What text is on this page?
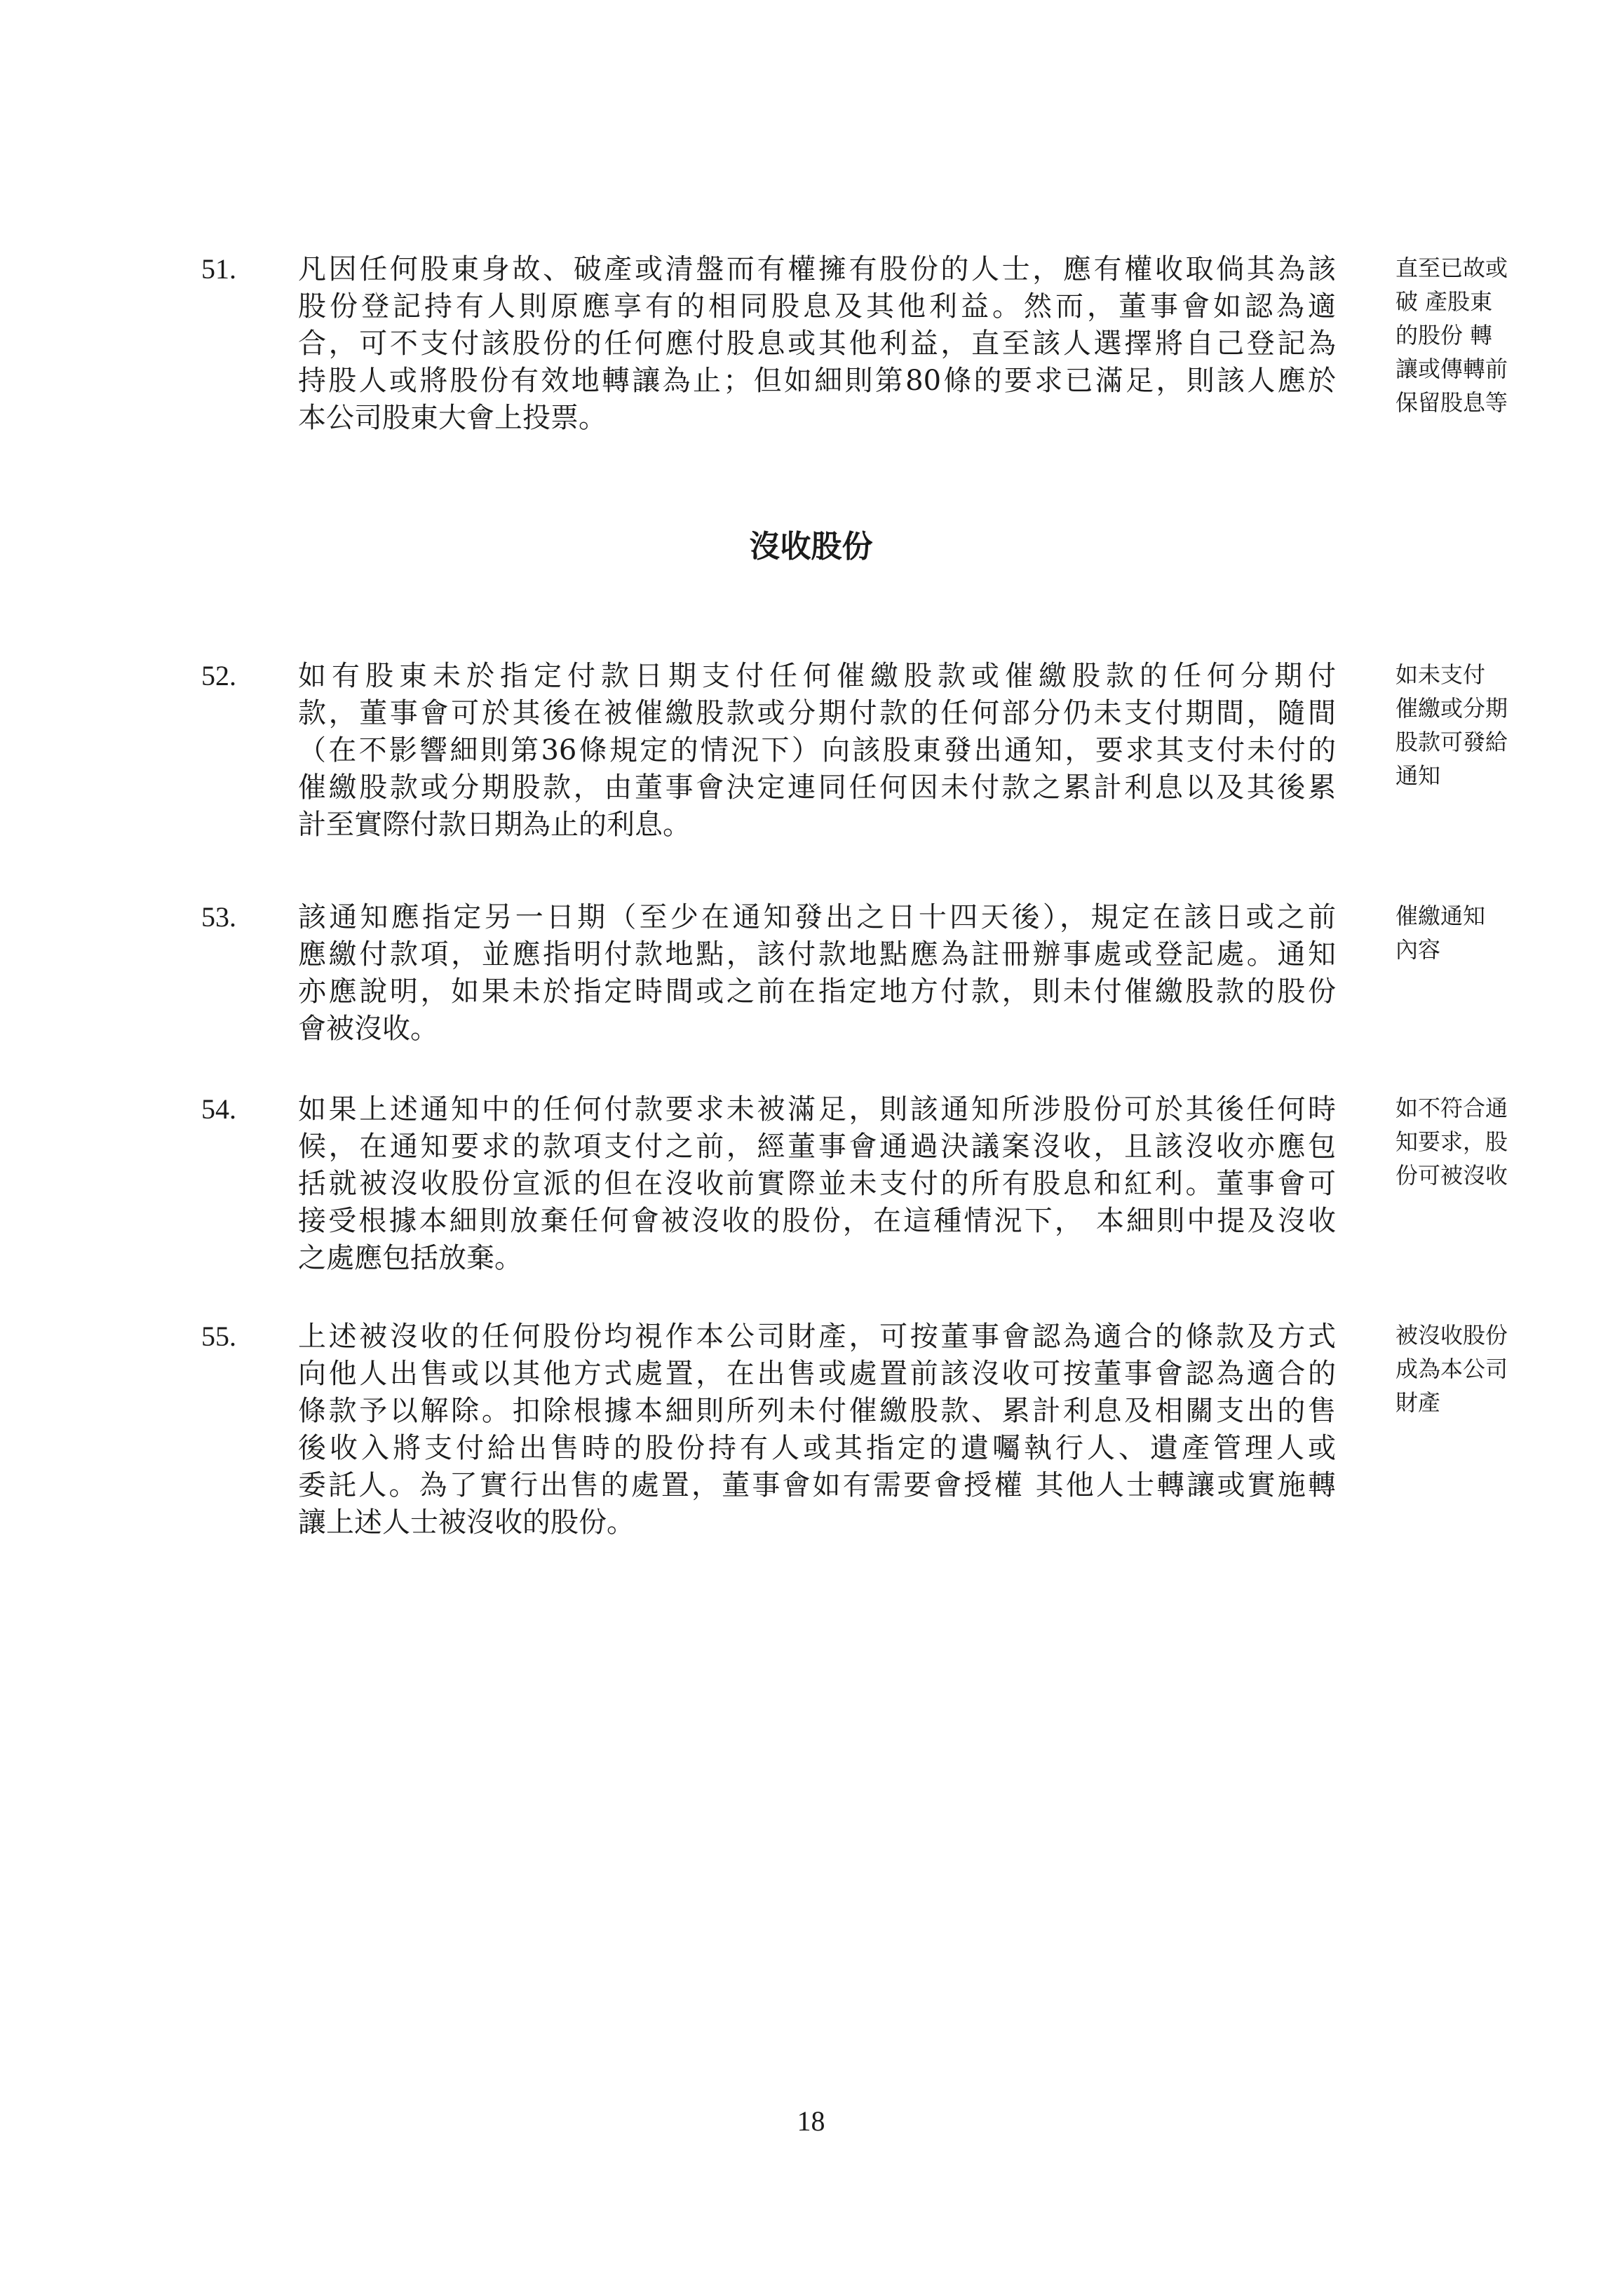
51.	凡因任何股東身故、破產或清盤而有權擁有股份的人士，應有權收取倘其為該
股份登記持有人則原應享有的相同股息及其他利益。然而，董事會如認為適
合，可不支付該股份的任何應付股息或其他利益，直至該人選擇將自己登記為
持股人或將股份有效地轉讓為止；但如細則第80條的要求已滿足，則該人應於
本公司股東大會上投票。
直至已故或
破 產股東
的股份 轉
讓或傳轉前
保留股息等
沒收股份
52.	如有股東未於指定付款日期支付任何催繳股款或催繳股款的任何分期付
款，董事會可於其後在被催繳股款或分期付款的任何部分仍未支付期間，隨間
（在不影響細則第36條規定的情況下）向該股東發出通知，要求其支付未付的
催繳股款或分期股款，由董事會決定連同任何因未付款之累計利息以及其後累
計至實際付款日期為止的利息。
如未支付
催繳或分期
股款可發給
通知
53.	該通知應指定另一日期（至少在通知發出之日十四天後），規定在該日或之前
應繳付款項，並應指明付款地點，該付款地點應為註冊辦事處或登記處。通知
亦應說明，如果未於指定時間或之前在指定地方付款，則未付催繳股款的股份
會被沒收。
催繳通知
內容
54.	如果上述通知中的任何付款要求未被滿足，則該通知所涉股份可於其後任何時
候，在通知要求的款項支付之前，經董事會通過決議案沒收，且該沒收亦應包
括就被沒收股份宣派的但在沒收前實際並未支付的所有股息和紅利。董事會可
接受根據本細則放棄任何會被沒收的股份，在這種情況下， 本細則中提及沒收
之處應包括放棄。
如不符合通
知要求，股
份可被沒收
55.	上述被沒收的任何股份均視作本公司財產，可按董事會認為適合的條款及方式
向他人出售或以其他方式處置，在出售或處置前該沒收可按董事會認為適合的
條款予以解除。扣除根據本細則所列未付催繳股款、累計利息及相關支出的售
後收入將支付給出售時的股份持有人或其指定的遺囑執行人、遺產管理人或
委託人。為了實行出售的處置，董事會如有需要會授權 其他人士轉讓或實施轉
讓上述人士被沒收的股份。
被沒收股份
成為本公司
財產
18
